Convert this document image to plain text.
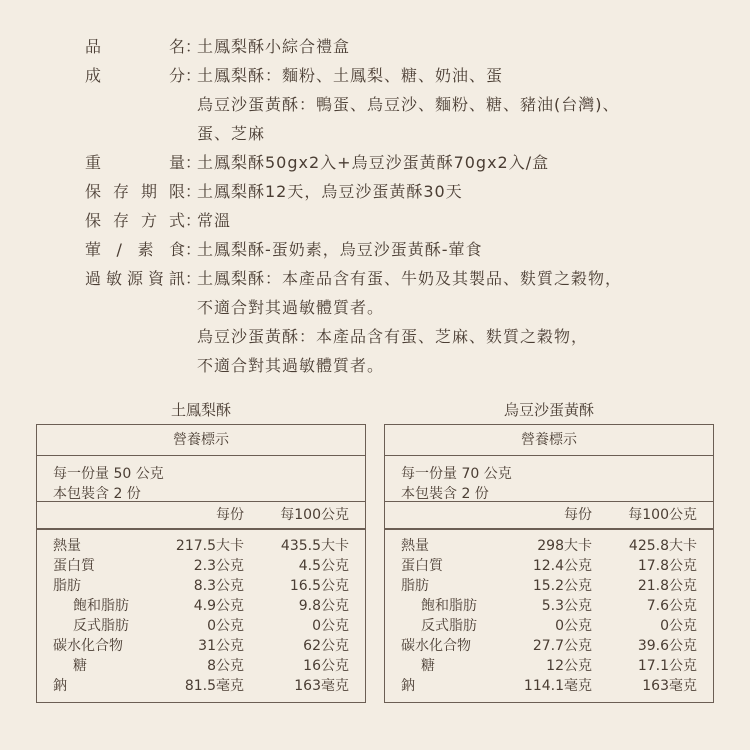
品名 ：
土鳳梨酥小綜合禮盒
成分 ：
土鳳梨酥：麵粉、土鳳梨、糖、奶油、蛋
烏豆沙蛋黃酥：鴨蛋、烏豆沙、麵粉、糖、豬油(台灣)、
蛋、芝麻
重量 ：
土鳳梨酥50gx2入+烏豆沙蛋黃酥70gx2入/盒
保存期限 ：
土鳳梨酥12天，烏豆沙蛋黃酥30天
保存方式 ：
常溫
葷/素食 ：
土鳳梨酥-蛋奶素，烏豆沙蛋黃酥-葷食
過敏源資訊 ：
土鳳梨酥：本產品含有蛋、牛奶及其製品、麩質之穀物，
不適合對其過敏體質者。
烏豆沙蛋黃酥：本產品含有蛋、芝麻、麩質之穀物，
不適合對其過敏體質者。
土鳳梨酥
營養標示
每一份量 50 公克
本包裝含 2 份
每份	每100公克
熱量	217.5大卡	435.5大卡
蛋白質	2.3公克	4.5公克
脂肪	8.3公克	16.5公克
飽和脂肪	4.9公克	9.8公克
反式脂肪	0公克	0公克
碳水化合物	31公克	62公克
糖	8公克	16公克
鈉	81.5毫克	163毫克
烏豆沙蛋黃酥
營養標示
每一份量 70 公克
本包裝含 2 份
每份	每100公克
熱量	298大卡	425.8大卡
蛋白質	12.4公克	17.8公克
脂肪	15.2公克	21.8公克
飽和脂肪	5.3公克	7.6公克
反式脂肪	0公克	0公克
碳水化合物	27.7公克	39.6公克
糖	12公克	17.1公克
鈉	114.1毫克	163毫克
